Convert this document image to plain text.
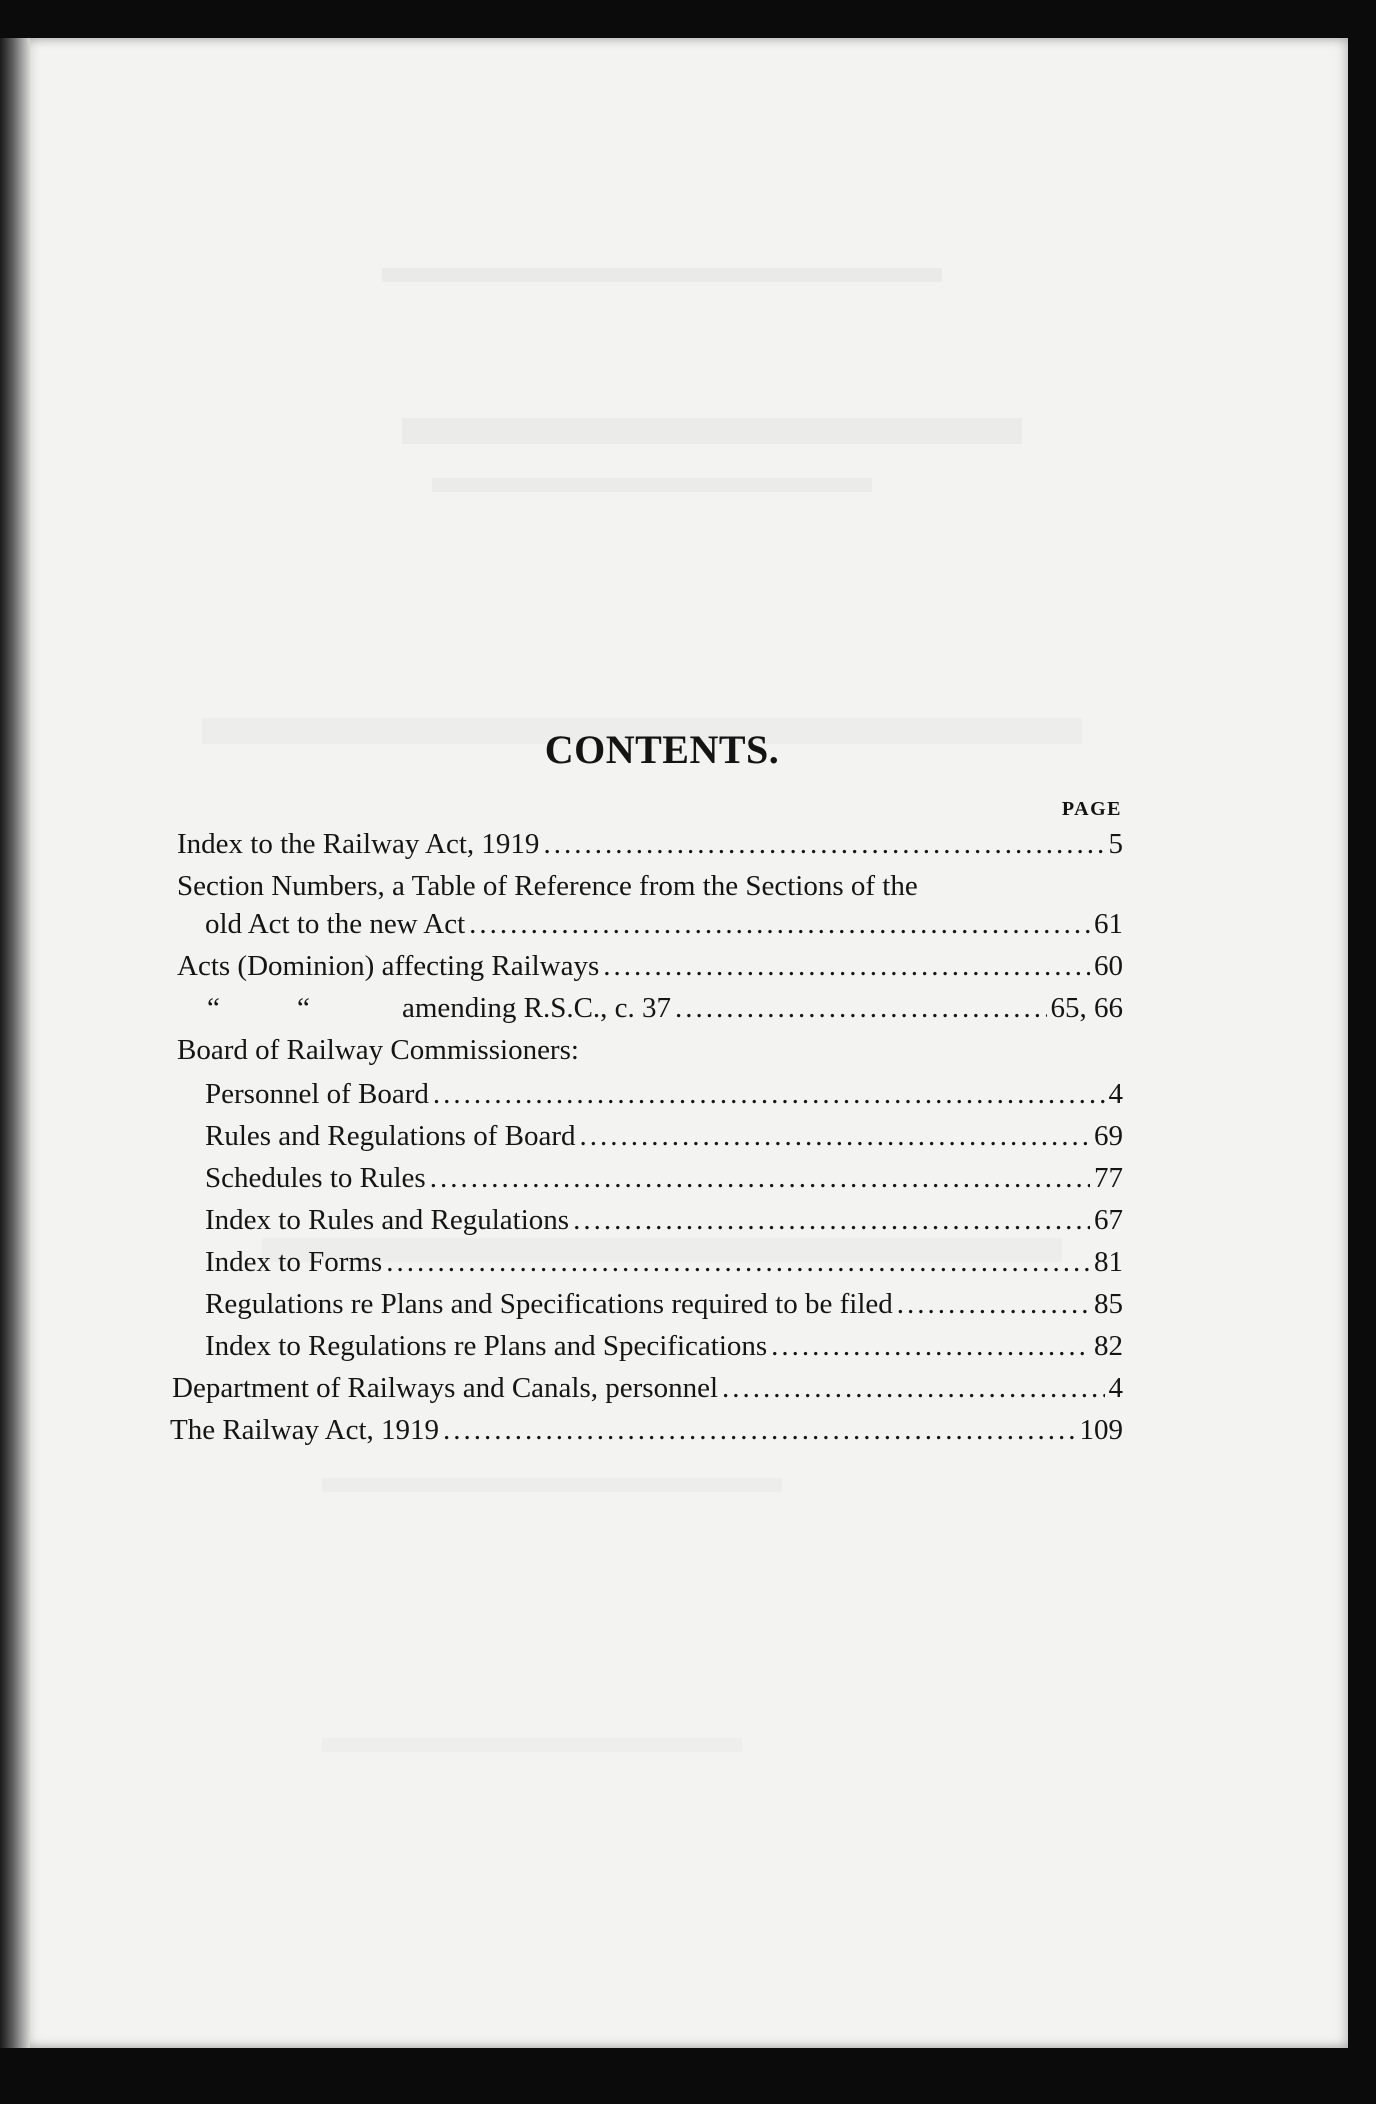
CONTENTS.
PAGE
Index to the Railway Act, 1919 .....	5
Section Numbers, a Table of Reference from the Sections of the
old Act to the new Act .....	61
Acts (Dominion) affecting Railways .....	60
“	“	amending R.S.C., c. 37 .....	65, 66
Board of Railway Commissioners:
Personnel of Board .....	4
Rules and Regulations of Board .....	69
Schedules to Rules .....	77
Index to Rules and Regulations .....	67
Index to Forms .....	81
Regulations re Plans and Specifications required to be filed .....	85
Index to Regulations re Plans and Specifications .....	82
Department of Railways and Canals, personnel .....	4
The Railway Act, 1919 .....	109
